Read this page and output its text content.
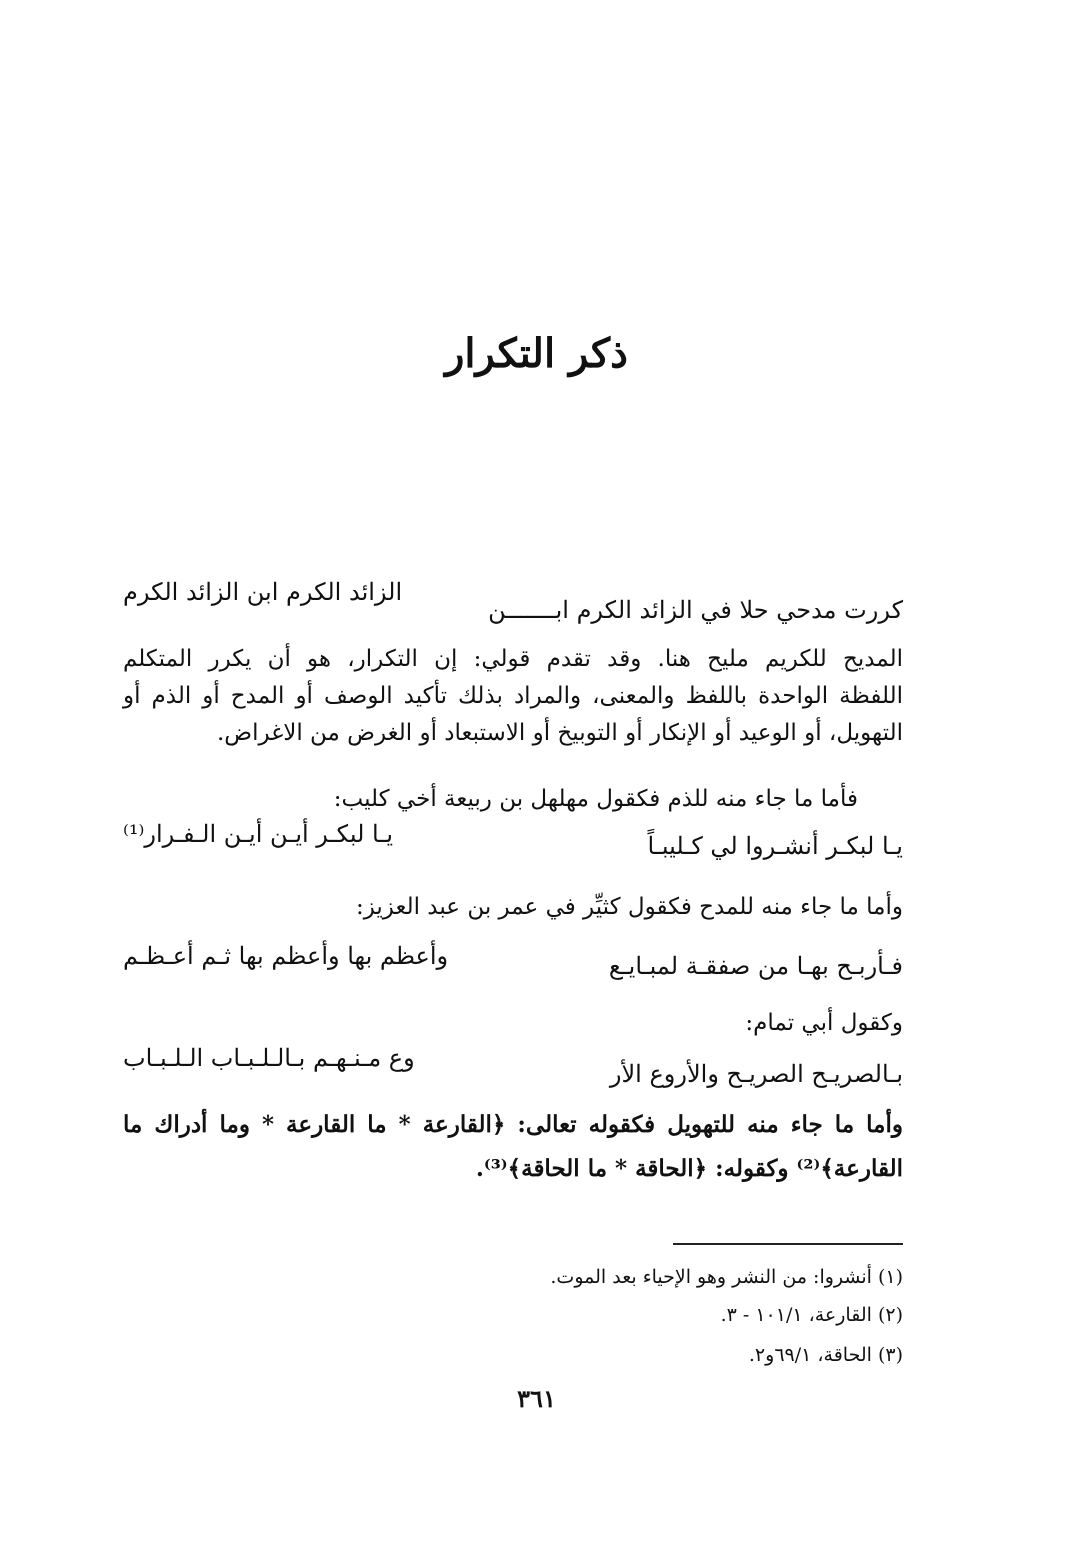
ذكر التكرار
كررت مدحي حلا في الزائد الكرم ابـــــــن
الزائد الكرم ابن الزائد الكرم
المديح للكريم مليح هنا. وقد تقدم قولي: إن التكرار، هو أن يكرر المتكلم
اللفظة الواحدة باللفظ والمعنى، والمراد بذلك تأكيد الوصف أو المدح أو الذم أو
التهويل، أو الوعيد أو الإنكار أو التوبيخ أو الاستبعاد أو الغرض من الاغراض.
فأما ما جاء منه للذم فكقول مهلهل بن ربيعة أخي كليب:
يـا لبكـر أنشـروا لي كـليبـاً
يـا لبكـر أيـن أيـن الـفـرار⁽¹⁾
وأما ما جاء منه للمدح فكقول كثيِّر في عمر بن عبد العزيز:
فـأربـح بهـا من صفقـة لمبـايـع
وأعظم بها وأعظم بها ثـم أعـظـم
وكقول أبي تمام:
بـالصريـح الصريـح والأروع الأر
وع مـنـهـم بـالـلـبـاب الـلـبـاب
وأما ما جاء منه للتهويل فكقوله تعالى: ﴿القارعة * ما القارعة * وما أدراك ما
القارعة﴾⁽²⁾ وكقوله: ﴿الحاقة * ما الحاقة﴾⁽³⁾.
(١) أنشروا: من النشر وهو الإحياء بعد الموت.
(٢) القارعة، ١٠١/١ - ٣.
(٣) الحاقة، ٦٩/١و٢.
٣٦١
